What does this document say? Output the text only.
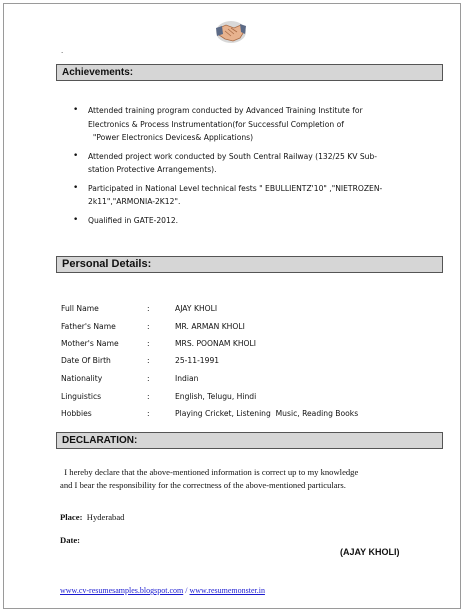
.
Achievements:
• Attended training program conducted by Advanced Training Institute for
Electronics & Process Instrumentation(for Successful Completion of
"Power Electronics Devices& Applications)
• Attended project work conducted by South Central Railway (132/25 KV Sub-
station Protective Arrangements).
• Participated in National Level technical fests " EBULLIENTZ'10" ,"NIETROZEN-
2k11","ARMONIA-2K12".
• Qualified in GATE-2012.
Personal Details:
Full Name	:	AJAY KHOLI
Father's Name	:	MR. ARMAN KHOLI
Mother's Name	:	MRS. POONAM KHOLI
Date Of Birth	:	25-11-1991
Nationality	:	Indian
Linguistics	:	English, Telugu, Hindi
Hobbies	:	Playing Cricket, Listening  Music, Reading Books
DECLARATION:
I hereby declare that the above-mentioned information is correct up to my knowledge
and I bear the responsibility for the correctness of the above-mentioned particulars.
Place:  Hyderabad
Date:
(AJAY KHOLI)
www.cv-resumesamples.blogspot.com / www.resumemonster.in
